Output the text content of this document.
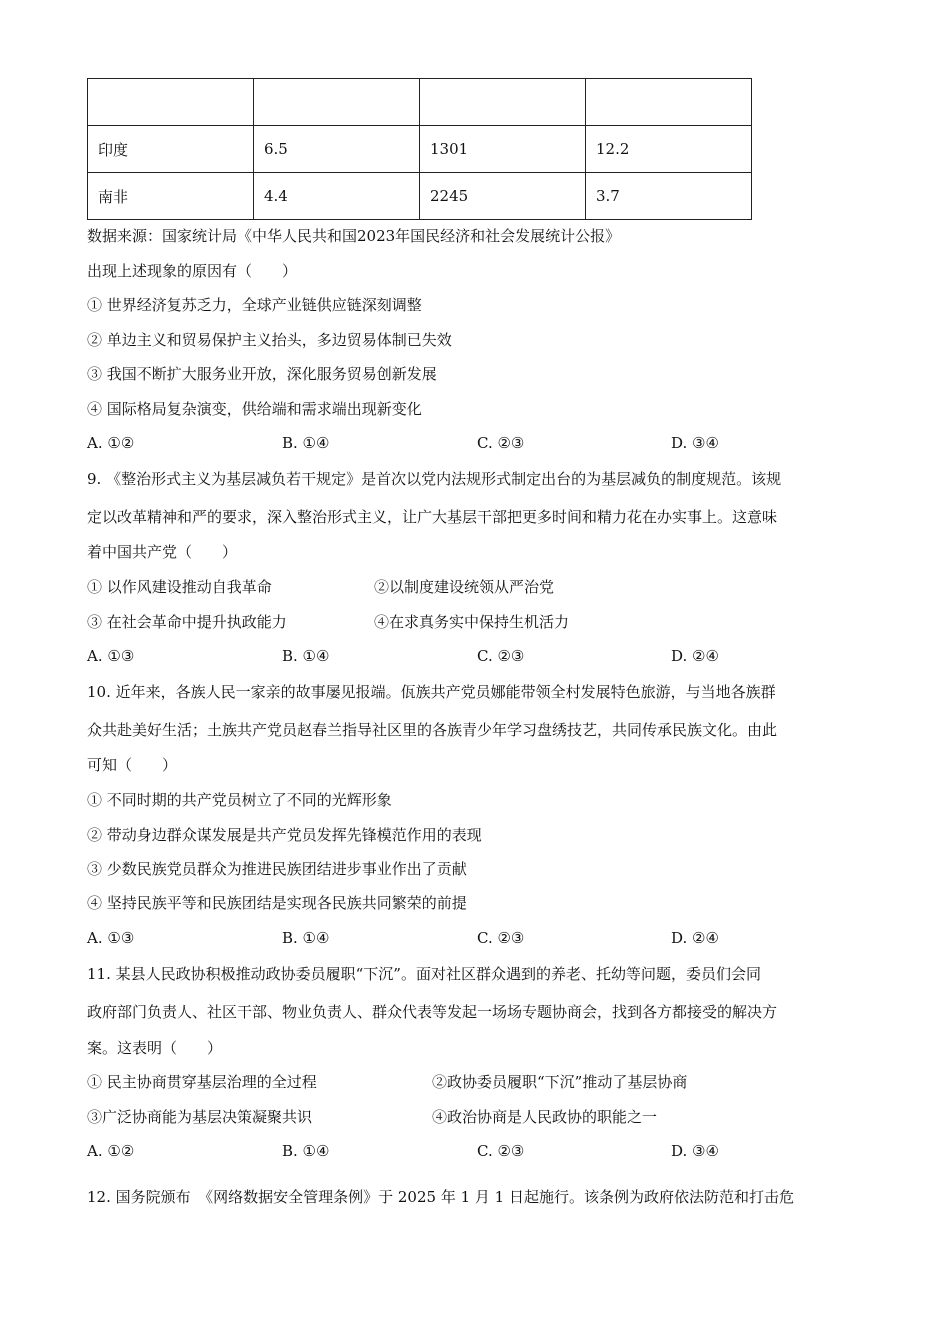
印度	6.5	1301	12.2
南非	4.4	2245	3.7
数据来源：国家统计局《中华人民共和国2023年国民经济和社会发展统计公报》
出现上述现象的原因有（　　）
① 世界经济复苏乏力，全球产业链供应链深刻调整
② 单边主义和贸易保护主义抬头，多边贸易体制已失效
③ 我国不断扩大服务业开放，深化服务贸易创新发展
④ 国际格局复杂演变，供给端和需求端出现新变化
A. ①②	B. ①④	C. ②③	D. ③④
9. 《整治形式主义为基层减负若干规定》是首次以党内法规形式制定出台的为基层减负的制度规范。该规
定以改革精神和严的要求，深入整治形式主义，让广大基层干部把更多时间和精力花在办实事上。这意味
着中国共产党（　　）
① 以作风建设推动自我革命	②以制度建设统领从严治党
③ 在社会革命中提升执政能力	④在求真务实中保持生机活力
A. ①③	B. ①④	C. ②③	D. ②④
10. 近年来，各族人民一家亲的故事屡见报端。佤族共产党员娜能带领全村发展特色旅游，与当地各族群
众共赴美好生活；土族共产党员赵春兰指导社区里的各族青少年学习盘绣技艺，共同传承民族文化。由此
可知（　　）
① 不同时期的共产党员树立了不同的光辉形象
② 带动身边群众谋发展是共产党员发挥先锋模范作用的表现
③ 少数民族党员群众为推进民族团结进步事业作出了贡献
④ 坚持民族平等和民族团结是实现各民族共同繁荣的前提
A. ①③	B. ①④	C. ②③	D. ②④
11. 某县人民政协积极推动政协委员履职“下沉”。面对社区群众遇到的养老、托幼等问题，委员们会同
政府部门负责人、社区干部、物业负责人、群众代表等发起一场场专题协商会，找到各方都接受的解决方
案。这表明（　　）
① 民主协商贯穿基层治理的全过程	②政协委员履职“下沉”推动了基层协商
③广泛协商能为基层决策凝聚共识	④政治协商是人民政协的职能之一
A. ①②	B. ①④	C. ②③	D. ③④
12. 国务院颁布　《网络数据安全管理条例》于 2025 年 1 月 1 日起施行。该条例为政府依法防范和打击危
